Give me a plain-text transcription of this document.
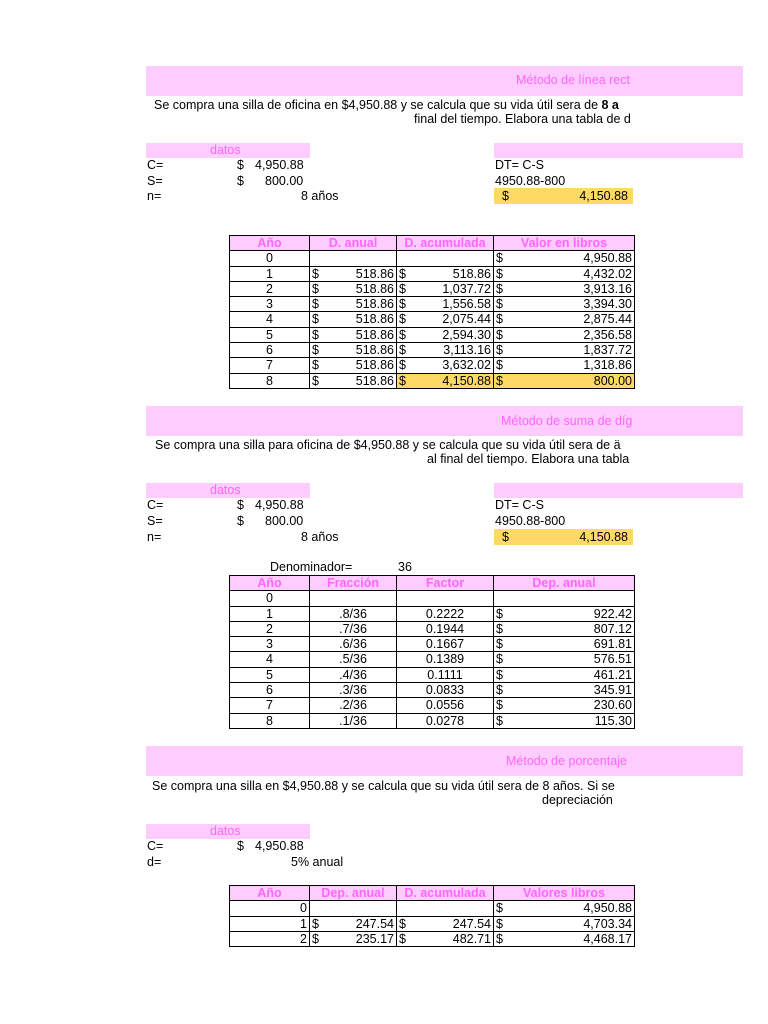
Método de línea rect
Se compra una silla de oficina en $4,950.88 y se calcula que su vida útil sera de 8 a
final del tiempo. Elabora una tabla de d
datos
C=	$ 4,950.88
S=	$ 800.00
n=	8 años
DT= C-S
4950.88-800
$	4,150.88
Año	D. anual	D. acumulada	Valor en libros
0			$ 4,950.88

1	$ 518.86	$ 518.86	$ 4,432.02

2	$ 518.86	$ 1,037.72	$ 3,913.16

3	$ 518.86	$ 1,556.58	$ 3,394.30

4	$ 518.86	$ 2,075.44	$ 2,875.44

5	$ 518.86	$ 2,594.30	$ 2,356.58

6	$ 518.86	$ 3,113.16	$ 1,837.72

7	$ 518.86	$ 3,632.02	$ 1,318.86

8	$ 518.86	$ 4,150.88	$ 800.00
Método de suma de díg
Se compra una silla para oficina de $4,950.88 y se calcula que su vida útil sera de ä
al final del tiempo. Elabora una tabla
datos
C=	$ 4,950.88
S=	$ 800.00
n=	8 años
DT= C-S
4950.88-800
$	4,150.88
Denominador=	36
Año	Fracción	Factor	Dep. anual
0			
1	.8/36	0.2222	$ 922.42

2	.7/36	0.1944	$ 807.12

3	.6/36	0.1667	$ 691.81

4	.5/36	0.1389	$ 576.51

5	.4/36	0.1111	$ 461.21

6	.3/36	0.0833	$ 345.91

7	.2/36	0.0556	$ 230.60

8	.1/36	0.0278	$ 115.30
Método de porcentaje
Se compra una silla en $4,950.88 y se calcula que su vida útil sera de 8 años. Si se
depreciación
datos
C=	$ 4,950.88
d=	5% anual
Año	Dep. anual	D. acumulada	Valores libros
0			$ 4,950.88

1	$ 247.54	$ 247.54	$ 4,703.34

2	$ 235.17	$ 482.71	$ 4,468.17
